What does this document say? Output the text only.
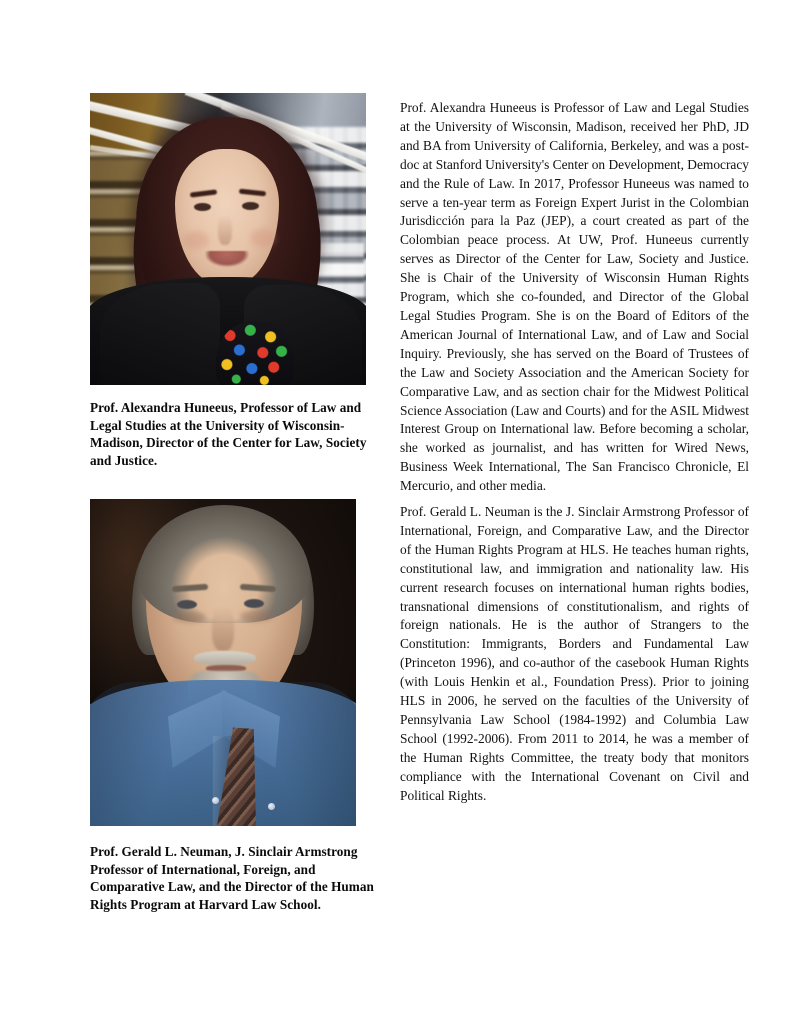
Prof. Alexandra Huneeus, Professor of Law and Legal Studies at the University of Wisconsin-Madison, Director of the Center for Law, Society and Justice.
Prof. Alexandra Huneeus is Professor of Law and Legal Studies at the University of Wisconsin, Madison, received her PhD, JD and BA from University of California, Berkeley, and was a post-doc at Stanford University's Center on Development, Democracy and the Rule of Law. In 2017, Professor Huneeus was named to serve a ten-year term as Foreign Expert Jurist in the Colombian Jurisdicción para la Paz (JEP), a court created as part of the Colombian peace process. At UW, Prof. Huneeus currently serves as Director of the Center for Law, Society and Justice. She is Chair of the University of Wisconsin Human Rights Program, which she co-founded, and Director of the Global Legal Studies Program. She is on the Board of Editors of the American Journal of International Law, and of Law and Social Inquiry. Previously, she has served on the Board of Trustees of the Law and Society Association and the American Society for Comparative Law, and as section chair for the Midwest Political Science Association (Law and Courts) and for the ASIL Midwest Interest Group on International law. Before becoming a scholar, she worked as journalist, and has written for Wired News, Business Week International, The San Francisco Chronicle, El Mercurio, and other media.
Prof. Gerald L. Neuman, J. Sinclair Armstrong Professor of International, Foreign, and Comparative Law, and the Director of the Human Rights Program at Harvard Law School.
Prof. Gerald L. Neuman is the J. Sinclair Armstrong Professor of International, Foreign, and Comparative Law, and the Director of the Human Rights Program at HLS. He teaches human rights, constitutional law, and immigration and nationality law. His current research focuses on international human rights bodies, transnational dimensions of constitutionalism, and rights of foreign nationals. He is the author of Strangers to the Constitution: Immigrants, Borders and Fundamental Law (Princeton 1996), and co-author of the casebook Human Rights (with Louis Henkin et al., Foundation Press). Prior to joining HLS in 2006, he served on the faculties of the University of Pennsylvania Law School (1984-1992) and Columbia Law School (1992-2006). From 2011 to 2014, he was a member of the Human Rights Committee, the treaty body that monitors compliance with the International Covenant on Civil and Political Rights.
